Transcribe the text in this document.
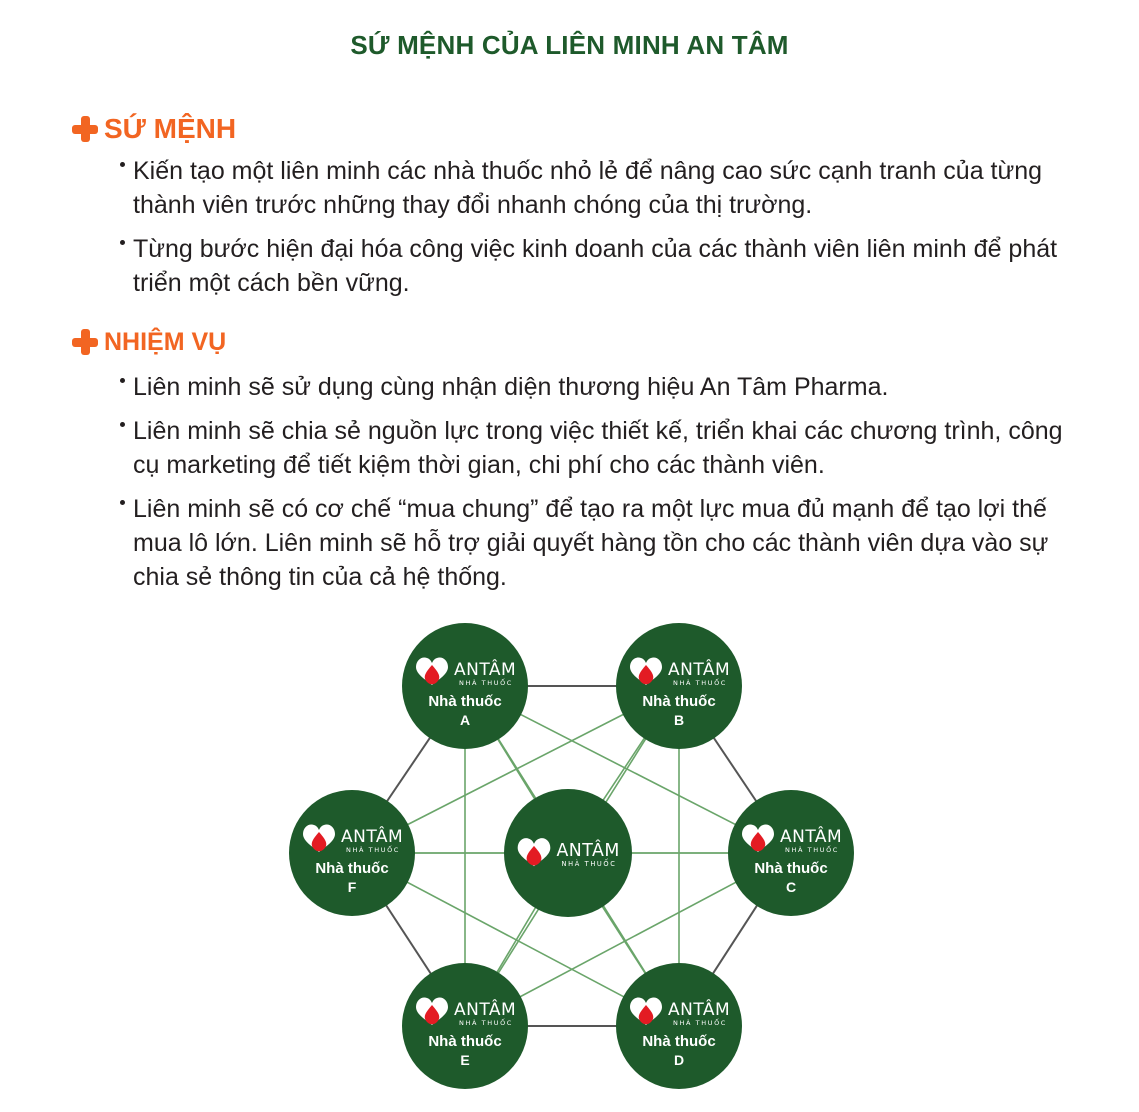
SỨ MỆNH CỦA LIÊN MINH AN TÂM
SỨ MỆNH
Kiến tạo một liên minh các nhà thuốc nhỏ lẻ để nâng cao sức cạnh tranh của từng thành viên trước những thay đổi nhanh chóng của thị trường.
Từng bước hiện đại hóa công việc kinh doanh của các thành viên liên minh để phát triển một cách bền vững.
NHIỆM VỤ
Liên minh sẽ sử dụng cùng nhận diện thương hiệu An Tâm Pharma.
Liên minh sẽ chia sẻ nguồn lực trong việc thiết kế, triển khai các chương trình, công cụ marketing để tiết kiệm thời gian, chi phí cho các thành viên.
Liên minh sẽ có cơ chế “mua chung” để tạo ra một lực mua đủ mạnh để tạo lợi thế mua lô lớn. Liên minh sẽ hỗ trợ giải quyết hàng tồn cho các thành viên dựa vào sự chia sẻ thông tin của cả hệ thống.
ANTÂM
NHÀ THUỐC
Nhà thuốc
A
ANTÂM
NHÀ THUỐC
Nhà thuốc
B
ANTÂM
NHÀ THUỐC
Nhà thuốc
C
ANTÂM
NHÀ THUỐC
Nhà thuốc
D
ANTÂM
NHÀ THUỐC
Nhà thuốc
E
ANTÂM
NHÀ THUỐC
Nhà thuốc
F
ANTÂM
NHÀ THUỐC
